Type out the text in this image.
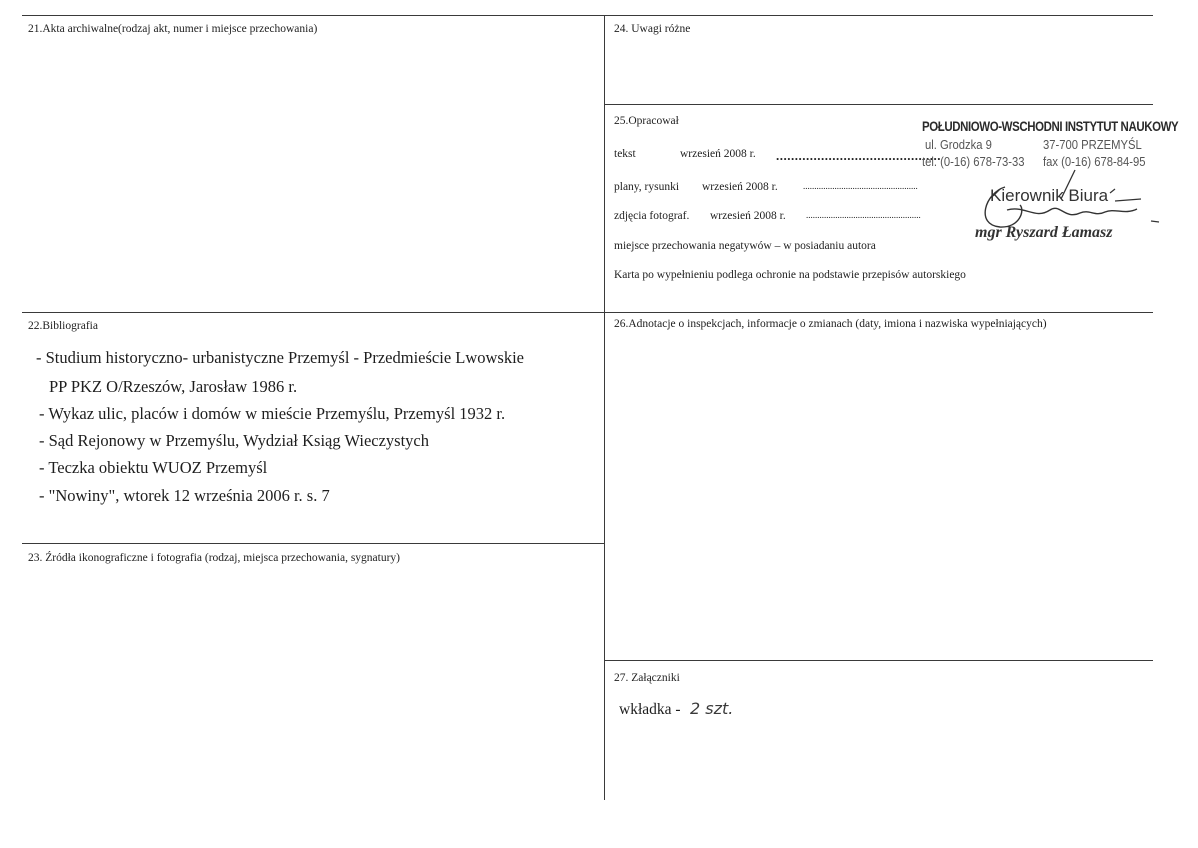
21.Akta archiwalne(rodzaj akt, numer i miejsce przechowania)	24. Uwagi różne
25.Opracował
tekst	wrzesień 2008 r. ............................................
plany, rysunki wrzesień 2008 r.	...................................................
zdjęcia fotograf. wrzesień 2008 r. ...................................................
miejsce przechowania negatywów – w posiadaniu autora
Karta po wypełnieniu podlega ochronie na podstawie przepisów autorskiego
POŁUDNIOWO-WSCHODNI INSTYTUT NAUKOWY
ul. Grodzka 9	37-700 PRZEMYŚL
tel. (0-16) 678-73-33 fax (0-16) 678-84-95
Kierownik Biura
mgr Ryszard Łamasz
22.Bibliografia
- Studium historyczno- urbanistyczne Przemyśl - Przedmieście Lwowskie
PP PKZ O/Rzeszów, Jarosław 1986 r.
- Wykaz ulic, placów i domów w mieście Przemyślu, Przemyśl 1932 r.
- Sąd Rejonowy w Przemyślu, Wydział Ksiąg Wieczystych
- Teczka obiektu WUOZ Przemyśl
- "Nowiny", wtorek 12 września 2006 r. s. 7
26.Adnotacje o inspekcjach, informacje o zmianach (daty, imiona i nazwiska wypełniających)
23. Źródła ikonograficzne i fotografia (rodzaj, miejsca przechowania, sygnatury)
27. Załączniki
wkładka - 2 szt.
